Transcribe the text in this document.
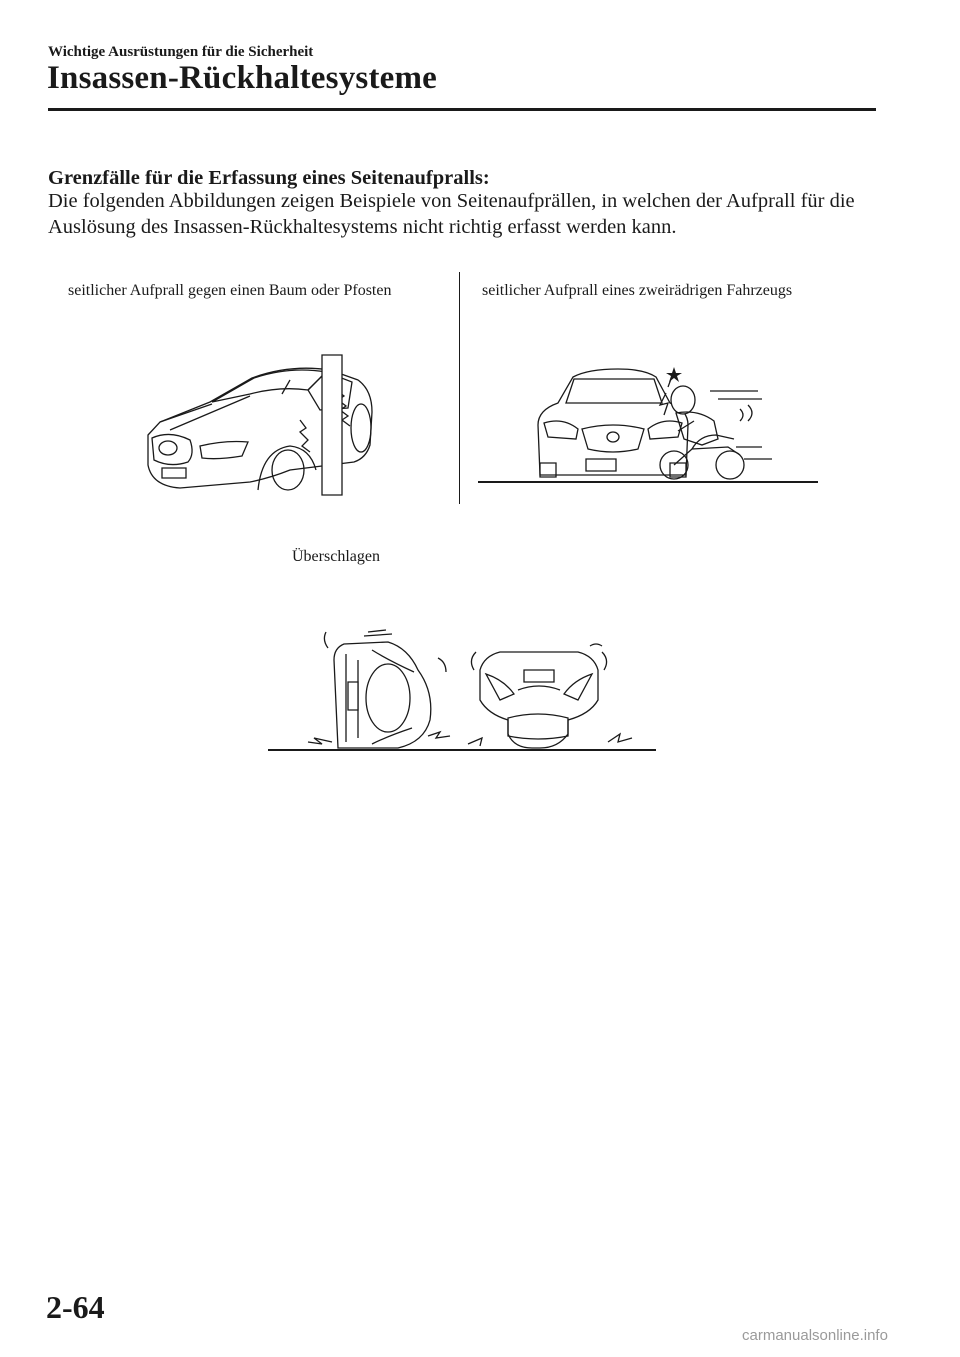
Wichtige Ausrüstungen für die Sicherheit
Insassen-Rückhaltesysteme
Grenzfälle für die Erfassung eines Seitenaufpralls:
Die folgenden Abbildungen zeigen Beispiele von Seitenaufprällen, in welchen der Aufprall für die Auslösung des Insassen-Rückhaltesystems nicht richtig erfasst werden kann.
seitlicher Aufprall gegen einen Baum oder Pfosten	seitlicher Aufprall eines zweirädrigen Fahrzeugs
Überschlagen
2-64
carmanualsonline.info
